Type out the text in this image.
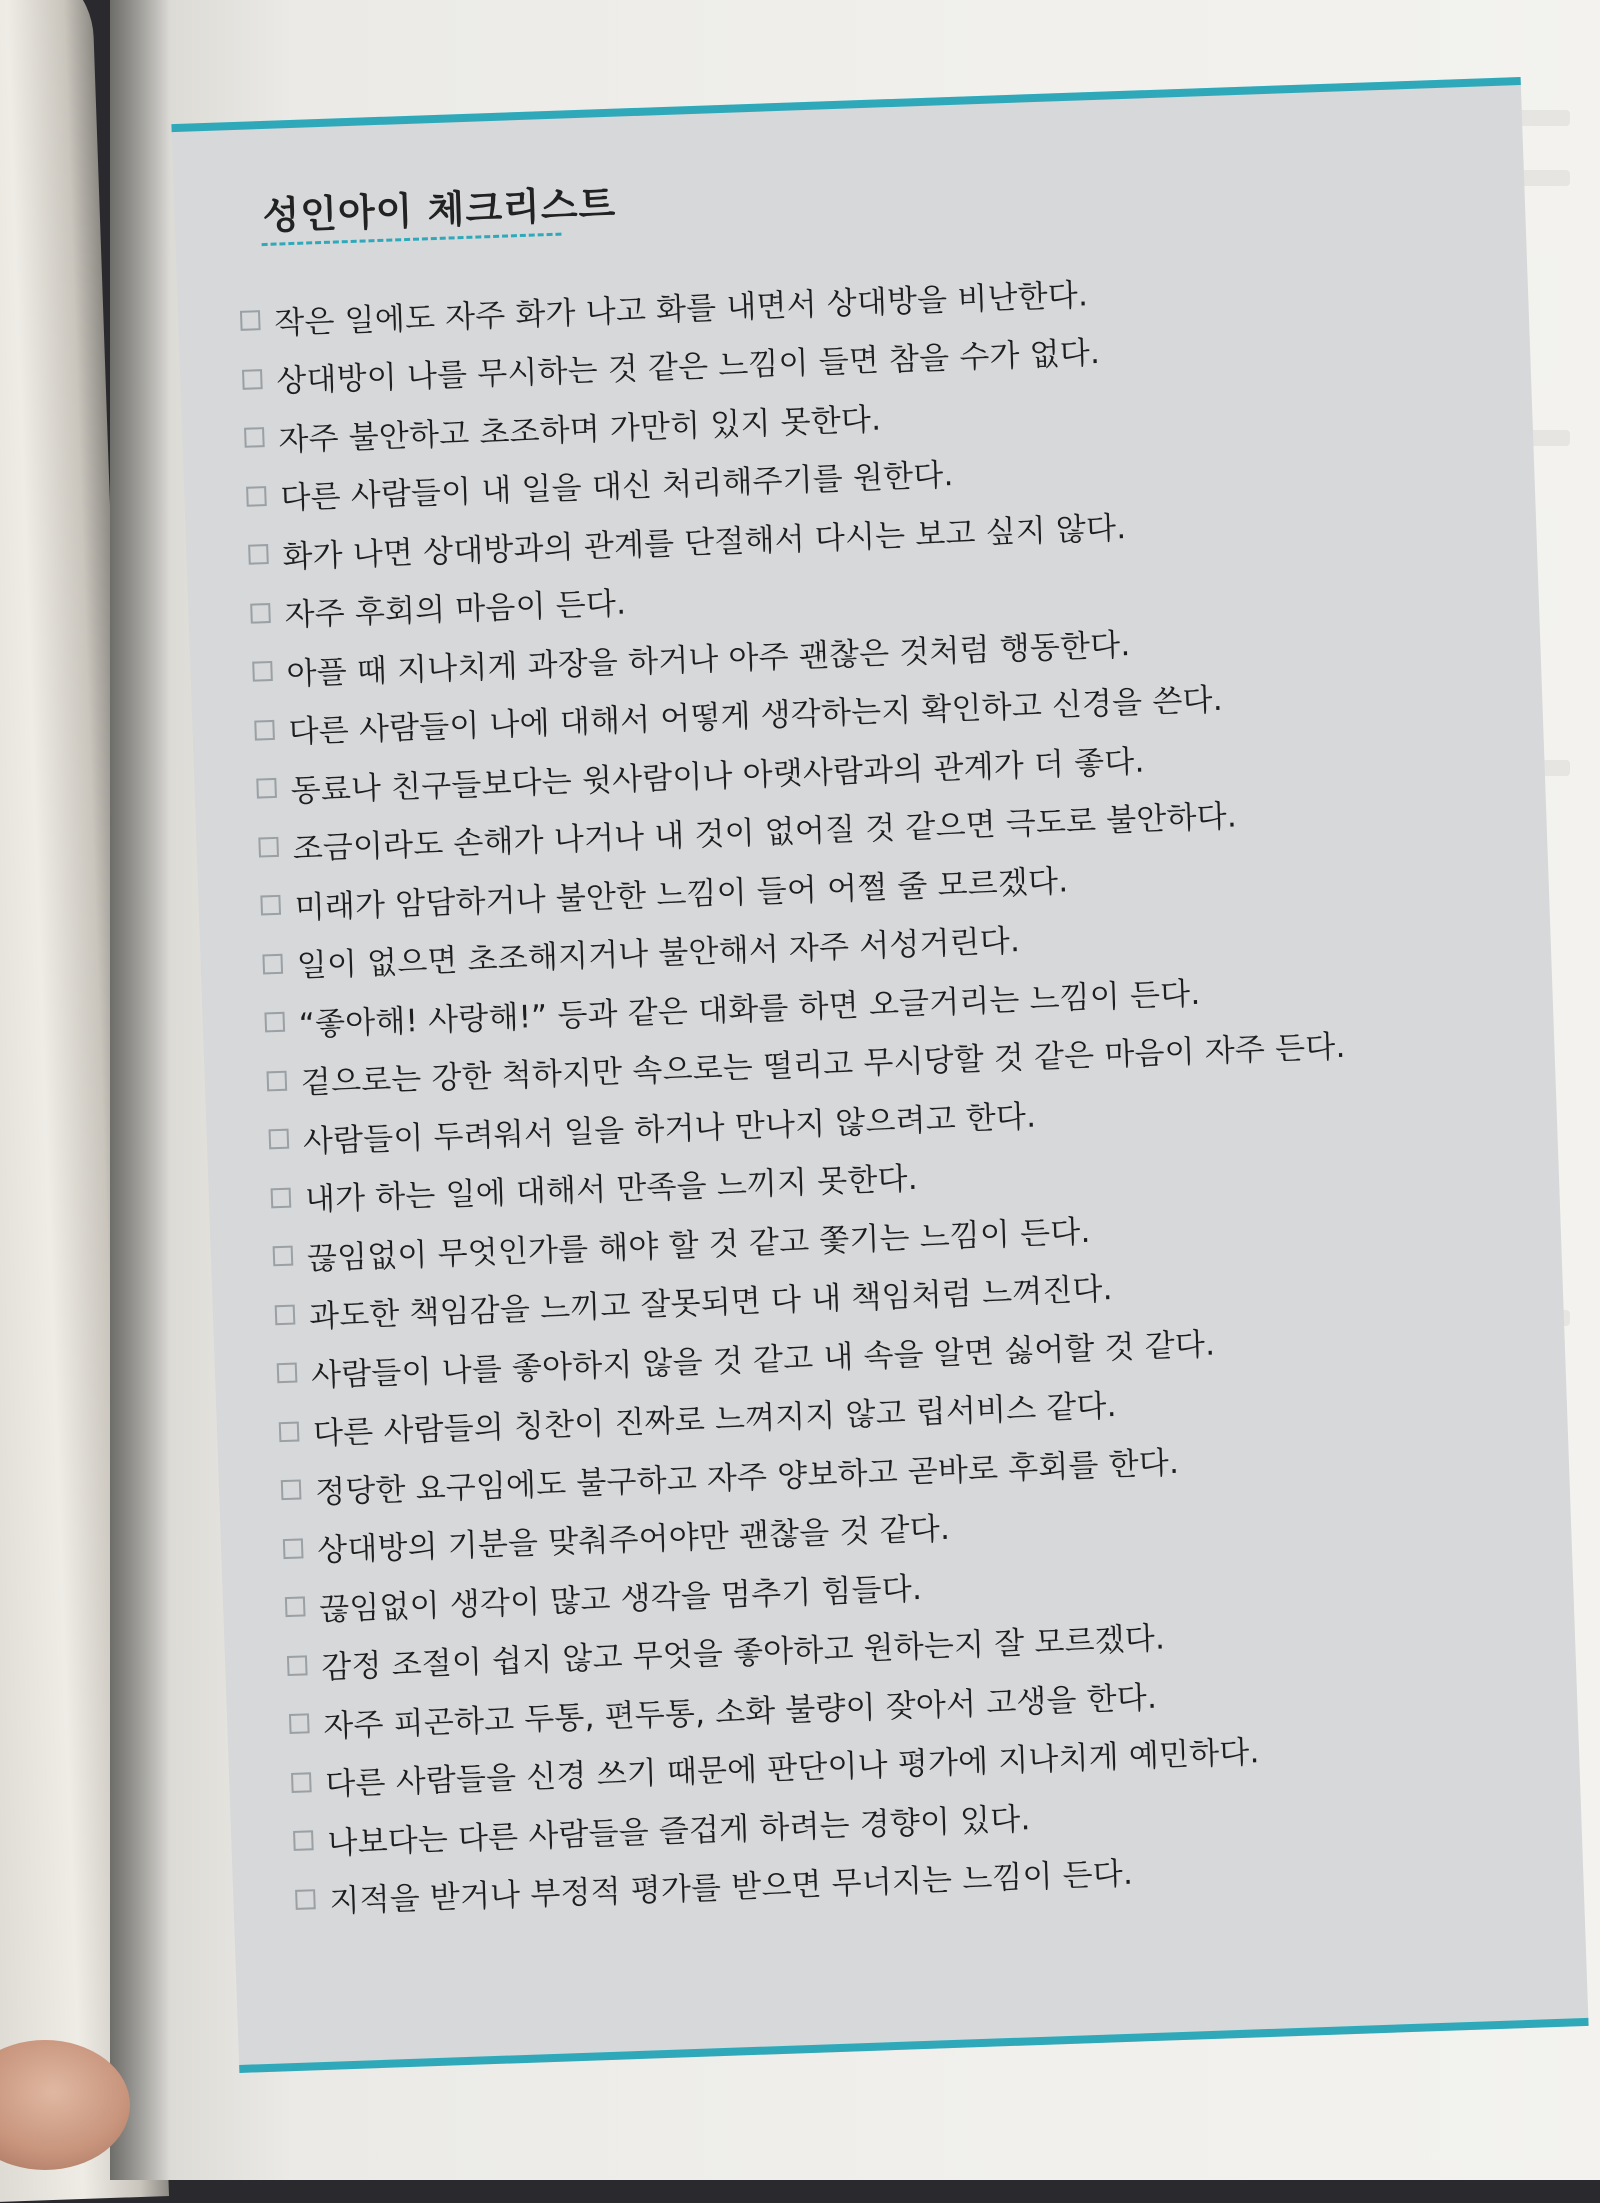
성인아이 체크리스트
작은 일에도 자주 화가 나고 화를 내면서 상대방을 비난한다.
상대방이 나를 무시하는 것 같은 느낌이 들면 참을 수가 없다.
자주 불안하고 초조하며 가만히 있지 못한다.
다른 사람들이 내 일을 대신 처리해주기를 원한다.
화가 나면 상대방과의 관계를 단절해서 다시는 보고 싶지 않다.
자주 후회의 마음이 든다.
아플 때 지나치게 과장을 하거나 아주 괜찮은 것처럼 행동한다.
다른 사람들이 나에 대해서 어떻게 생각하는지 확인하고 신경을 쓴다.
동료나 친구들보다는 윗사람이나 아랫사람과의 관계가 더 좋다.
조금이라도 손해가 나거나 내 것이 없어질 것 같으면 극도로 불안하다.
미래가 암담하거나 불안한 느낌이 들어 어쩔 줄 모르겠다.
일이 없으면 초조해지거나 불안해서 자주 서성거린다.
“좋아해! 사랑해!” 등과 같은 대화를 하면 오글거리는 느낌이 든다.
겉으로는 강한 척하지만 속으로는 떨리고 무시당할 것 같은 마음이 자주 든다.
사람들이 두려워서 일을 하거나 만나지 않으려고 한다.
내가 하는 일에 대해서 만족을 느끼지 못한다.
끊임없이 무엇인가를 해야 할 것 같고 쫓기는 느낌이 든다.
과도한 책임감을 느끼고 잘못되면 다 내 책임처럼 느껴진다.
사람들이 나를 좋아하지 않을 것 같고 내 속을 알면 싫어할 것 같다.
다른 사람들의 칭찬이 진짜로 느껴지지 않고 립서비스 같다.
정당한 요구임에도 불구하고 자주 양보하고 곧바로 후회를 한다.
상대방의 기분을 맞춰주어야만 괜찮을 것 같다.
끊임없이 생각이 많고 생각을 멈추기 힘들다.
감정 조절이 쉽지 않고 무엇을 좋아하고 원하는지 잘 모르겠다.
자주 피곤하고 두통, 편두통, 소화 불량이 잦아서 고생을 한다.
다른 사람들을 신경 쓰기 때문에 판단이나 평가에 지나치게 예민하다.
나보다는 다른 사람들을 즐겁게 하려는 경향이 있다.
지적을 받거나 부정적 평가를 받으면 무너지는 느낌이 든다.
